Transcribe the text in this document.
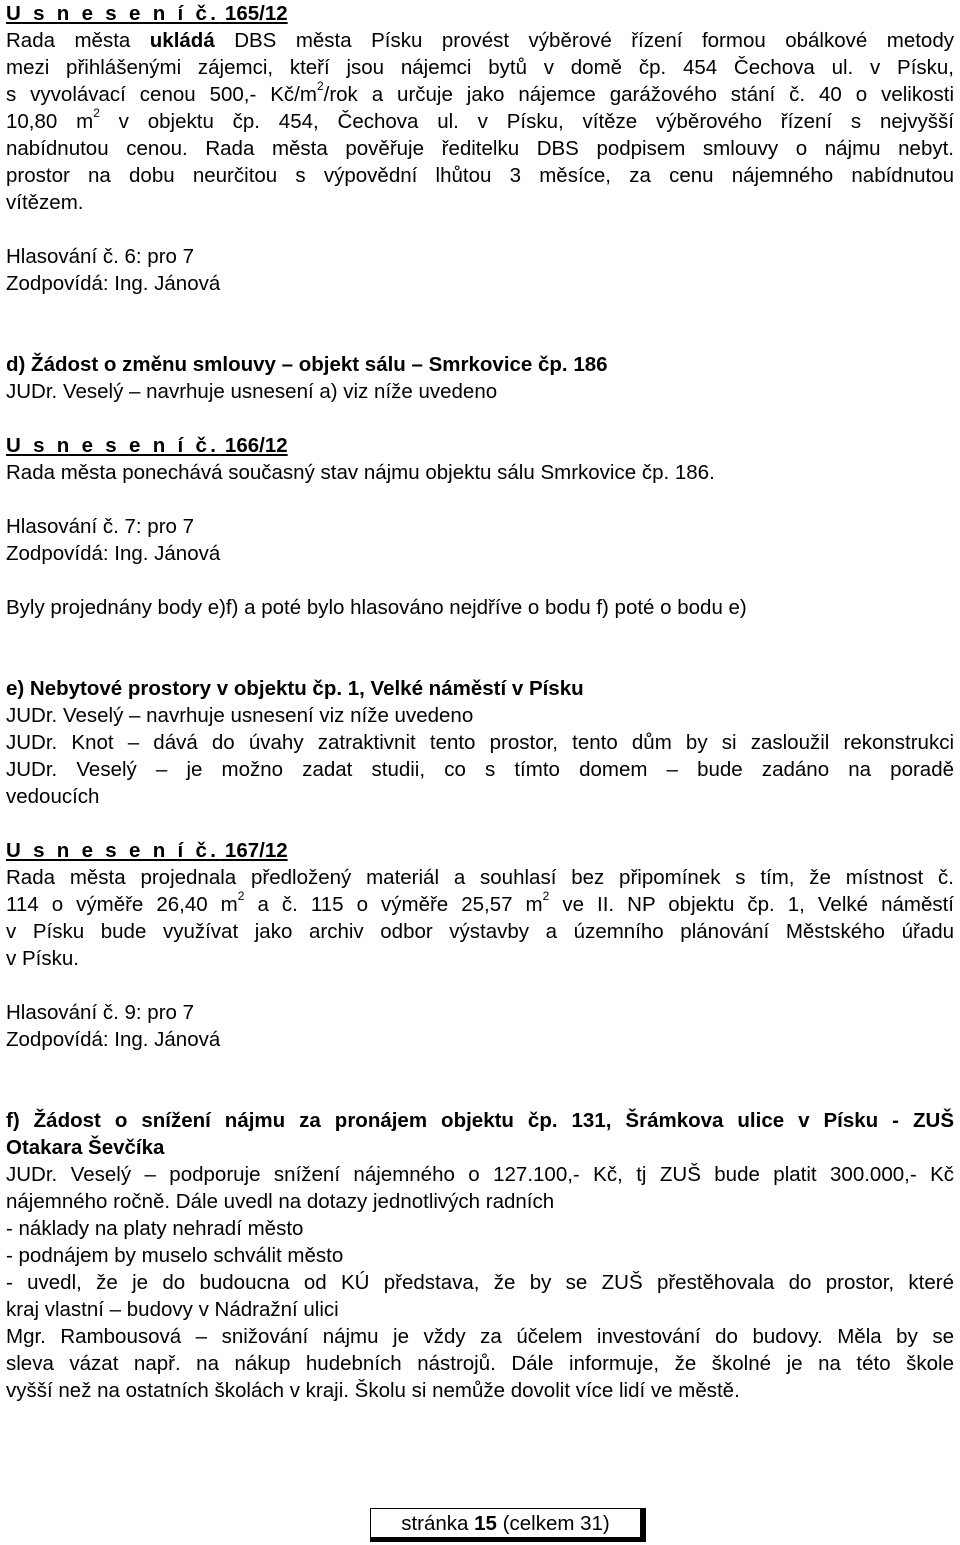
U s n e s e n í č. 165/12

Rada města ukládá DBS města Písku provést výběrové řízení formou obálkové metody

mezi přihlášenými zájemci, kteří jsou nájemci bytů v domě čp. 454 Čechova ul. v Písku,

s vyvolávací cenou 500,- $Kč/m^2$/rok a určuje jako nájemce garážového stání č. 40 o velikosti

10,80 $m^2$ v objektu čp. 454, Čechova ul. v Písku, vítěze výběrového řízení s nejvyšší

nabídnutou cenou. Rada města pověřuje ředitelku DBS podpisem smlouvy o nájmu nebyt.

prostor na dobu neurčitou s výpovědní lhůtou 3 měsíce, za cenu nájemného nabídnutou

vítězem.

Hlasování č. 6: pro 7

Zodpovídá: Ing. Jánová

d) Žádost o změnu smlouvy – objekt sálu – Smrkovice čp. 186

JUDr. Veselý – navrhuje usnesení a) viz níže uvedeno

U s n e s e n í č. 166/12

Rada města ponechává současný stav nájmu objektu sálu Smrkovice čp. 186.

Hlasování č. 7: pro 7

Zodpovídá: Ing. Jánová

Byly projednány body e)f) a poté bylo hlasováno nejdříve o bodu f) poté o bodu e)

e) Nebytové prostory v objektu čp. 1, Velké náměstí v Písku

JUDr. Veselý – navrhuje usnesení viz níže uvedeno

JUDr. Knot – dává do úvahy zatraktivnit tento prostor, tento dům by si zasloužil rekonstrukci

JUDr. Veselý – je možno zadat studii, co s tímto domem – bude zadáno na poradě

vedoucích

U s n e s e n í č. 167/12

Rada města projednala předložený materiál a souhlasí bez připomínek s tím, že místnost č.

114 o výměře 26,40 $m^2$ a č. 115 o výměře 25,57 $m^2$ ve II. NP objektu čp. 1, Velké náměstí

v Písku bude využívat jako archiv odbor výstavby a územního plánování Městského úřadu

v Písku.

Hlasování č. 9: pro 7

Zodpovídá: Ing. Jánová

f) Žádost o snížení nájmu za pronájem objektu čp. 131, Šrámkova ulice v Písku - ZUŠ

Otakara Ševčíka

JUDr. Veselý – podporuje snížení nájemného o 127.100,- Kč, tj ZUŠ bude platit 300.000,- Kč

nájemného ročně. Dále uvedl na dotazy jednotlivých radních

- náklady na platy nehradí město

- podnájem by muselo schválit město

- uvedl, že je do budoucna od KÚ představa, že by se ZUŠ přestěhovala do prostor, které

kraj vlastní – budovy v Nádražní ulici

Mgr. Rambousová – snižování nájmu je vždy za účelem investování do budovy. Měla by se

sleva vázat např. na nákup hudebních nástrojů. Dále informuje, že školné je na této škole

vyšší než na ostatních školách v kraji. Školu si nemůže dovolit více lidí ve městě.

stránka 15 (celkem 31)
